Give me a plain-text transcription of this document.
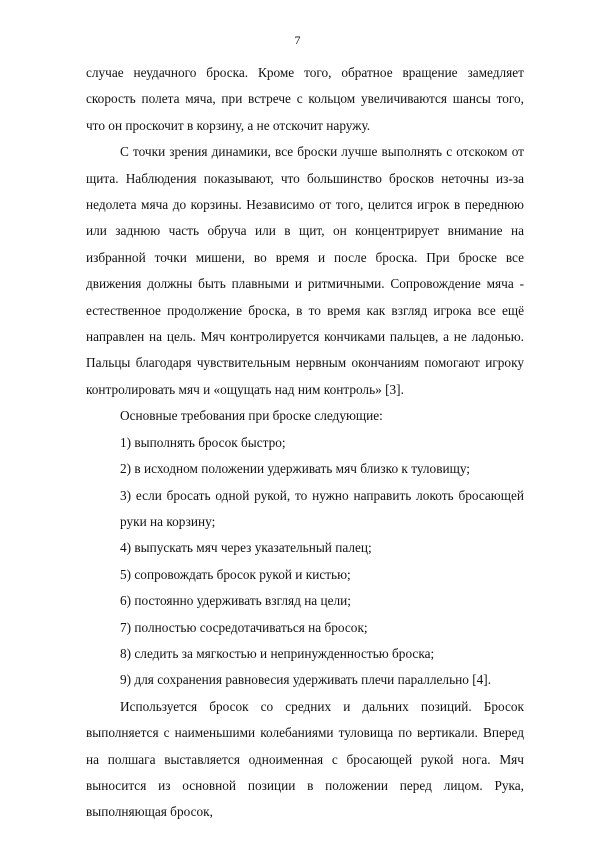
7

случае неудачного броска. Кроме того, обратное вращение замедляет скорость полета мяча, при встрече с кольцом увеличиваются шансы того, что он проскочит в корзину, а не отскочит наружу.

С точки зрения динамики, все броски лучше выполнять с отскоком от щита. Наблюдения показывают, что большинство бросков неточны из-за недолета мяча до корзины. Независимо от того, целится игрок в переднюю или заднюю часть обруча или в щит, он концентрирует внимание на избранной точки мишени, во время и после броска. При броске все движения должны быть плавными и ритмичными. Сопровождение мяча - естественное продолжение броска, в то время как взгляд игрока все ещё направлен на цель. Мяч контролируется кончиками пальцев, а не ладонью. Пальцы благодаря чувствительным нервным окончаниям помогают игроку контролировать мяч и «ощущать над ним контроль» [3].

Основные требования при броске следующие:

1) выполнять бросок быстро;

2) в исходном положении удерживать мяч близко к туловищу;

3) если бросать одной рукой, то нужно направить локоть бросающей руки на корзину;

4) выпускать мяч через указательный палец;

5) сопровождать бросок рукой и кистью;

6) постоянно удерживать взгляд на цели;

7) полностью сосредотачиваться на бросок;

8) следить за мягкостью и непринужденностью броска;

9) для сохранения равновесия удерживать плечи параллельно [4].

Используется бросок со средних и дальних позиций. Бросок выполняется с наименьшими колебаниями туловища по вертикали. Вперед на полшага выставляется одноименная с бросающей рукой нога. Мяч выносится из основной позиции в положении перед лицом. Рука, выполняющая бросок,
